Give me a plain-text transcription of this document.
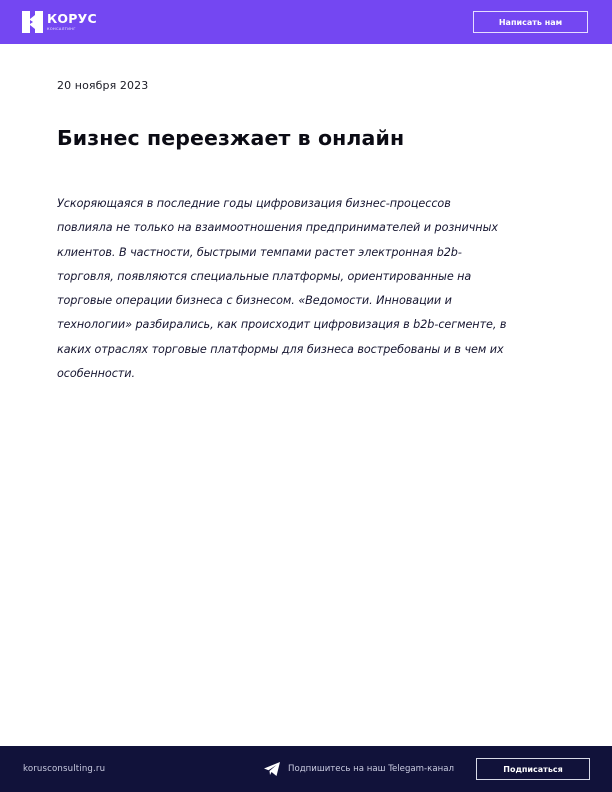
КОРУС
КОНСАЛТИНГ
Написать нам
20 ноября 2023
Бизнес переезжает в онлайн

Ускоряющаяся в последние годы цифровизация бизнес-процессов
повлияла не только на взаимоотношения предпринимателей и розничных
клиентов. В частности, быстрыми темпами растет электронная b2b-
торговля, появляются специальные платформы, ориентированные на
торговые операции бизнеса с бизнесом. «Ведомости. Инновации и
технологии» разбирались, как происходит цифровизация в b2b-сегменте, в
каких отраслях торговые платформы для бизнеса востребованы и в чем их
особенности.

korusconsulting.ru	Подпишитесь на наш Telegam-канал	Подписаться
